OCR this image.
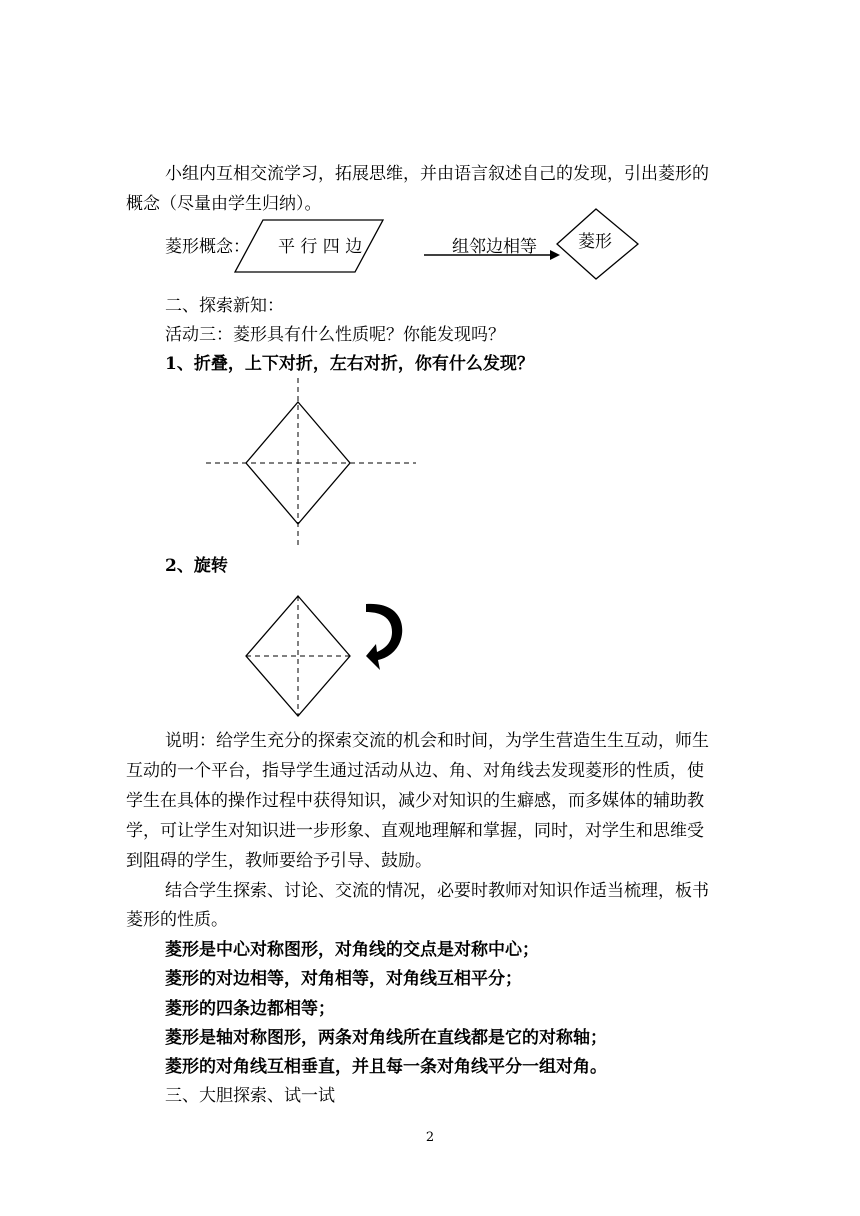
小组内互相交流学习，拓展思维，并由语言叙述自己的发现，引出菱形的
概念（尽量由学生归纳）。
菱形概念： 平 行 四 边	组邻边相等 菱形
二、探索新知：
活动三：菱形具有什么性质呢？你能发现吗？
1、折叠，上下对折，左右对折，你有什么发现？
2、旋转
说明：给学生充分的探索交流的机会和时间，为学生营造生生互动，师生
互动的一个平台，指导学生通过活动从边、角、对角线去发现菱形的性质，使
学生在具体的操作过程中获得知识，减少对知识的生癖感，而多媒体的辅助教
学，可让学生对知识进一步形象、直观地理解和掌握，同时，对学生和思维受
到阻碍的学生，教师要给予引导、鼓励。
结合学生探索、讨论、交流的情况，必要时教师对知识作适当梳理，板书
菱形的性质。
菱形是中心对称图形，对角线的交点是对称中心；
菱形的对边相等，对角相等，对角线互相平分；
菱形的四条边都相等；
菱形是轴对称图形，两条对角线所在直线都是它的对称轴；
菱形的对角线互相垂直，并且每一条对角线平分一组对角。
三、大胆探索、试一试
2
